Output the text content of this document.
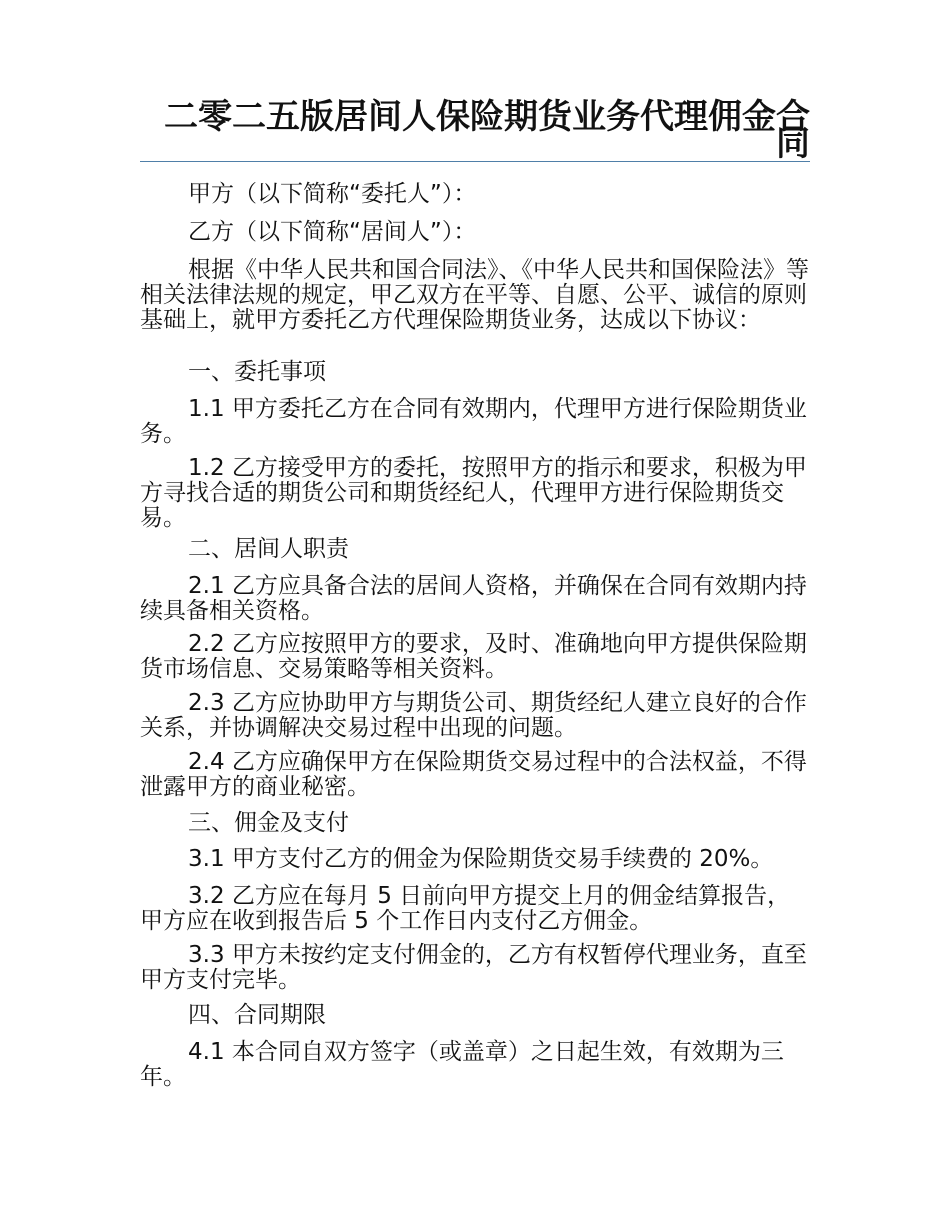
二零二五版居间人保险期货业务代理佣金合同

甲方（以下简称“委托人”）：

乙方（以下简称“居间人”）：

根据《中华人民共和国合同法》、《中华人民共和国保险法》等相关法律法规的规定，甲乙双方在平等、自愿、公平、诚信的原则基础上，就甲方委托乙方代理保险期货业务，达成以下协议：

一、委托事项

1.1 甲方委托乙方在合同有效期内，代理甲方进行保险期货业务。

1.2 乙方接受甲方的委托，按照甲方的指示和要求，积极为甲方寻找合适的期货公司和期货经纪人，代理甲方进行保险期货交易。

二、居间人职责

2.1 乙方应具备合法的居间人资格，并确保在合同有效期内持续具备相关资格。

2.2 乙方应按照甲方的要求，及时、准确地向甲方提供保险期货市场信息、交易策略等相关资料。

2.3 乙方应协助甲方与期货公司、期货经纪人建立良好的合作关系，并协调解决交易过程中出现的问题。

2.4 乙方应确保甲方在保险期货交易过程中的合法权益，不得泄露甲方的商业秘密。

三、佣金及支付

3.1 甲方支付乙方的佣金为保险期货交易手续费的 20%。

3.2 乙方应在每月 5 日前向甲方提交上月的佣金结算报告，甲方应在收到报告后 5 个工作日内支付乙方佣金。

3.3 甲方未按约定支付佣金的，乙方有权暂停代理业务，直至甲方支付完毕。

四、合同期限

4.1 本合同自双方签字（或盖章）之日起生效，有效期为三年。
